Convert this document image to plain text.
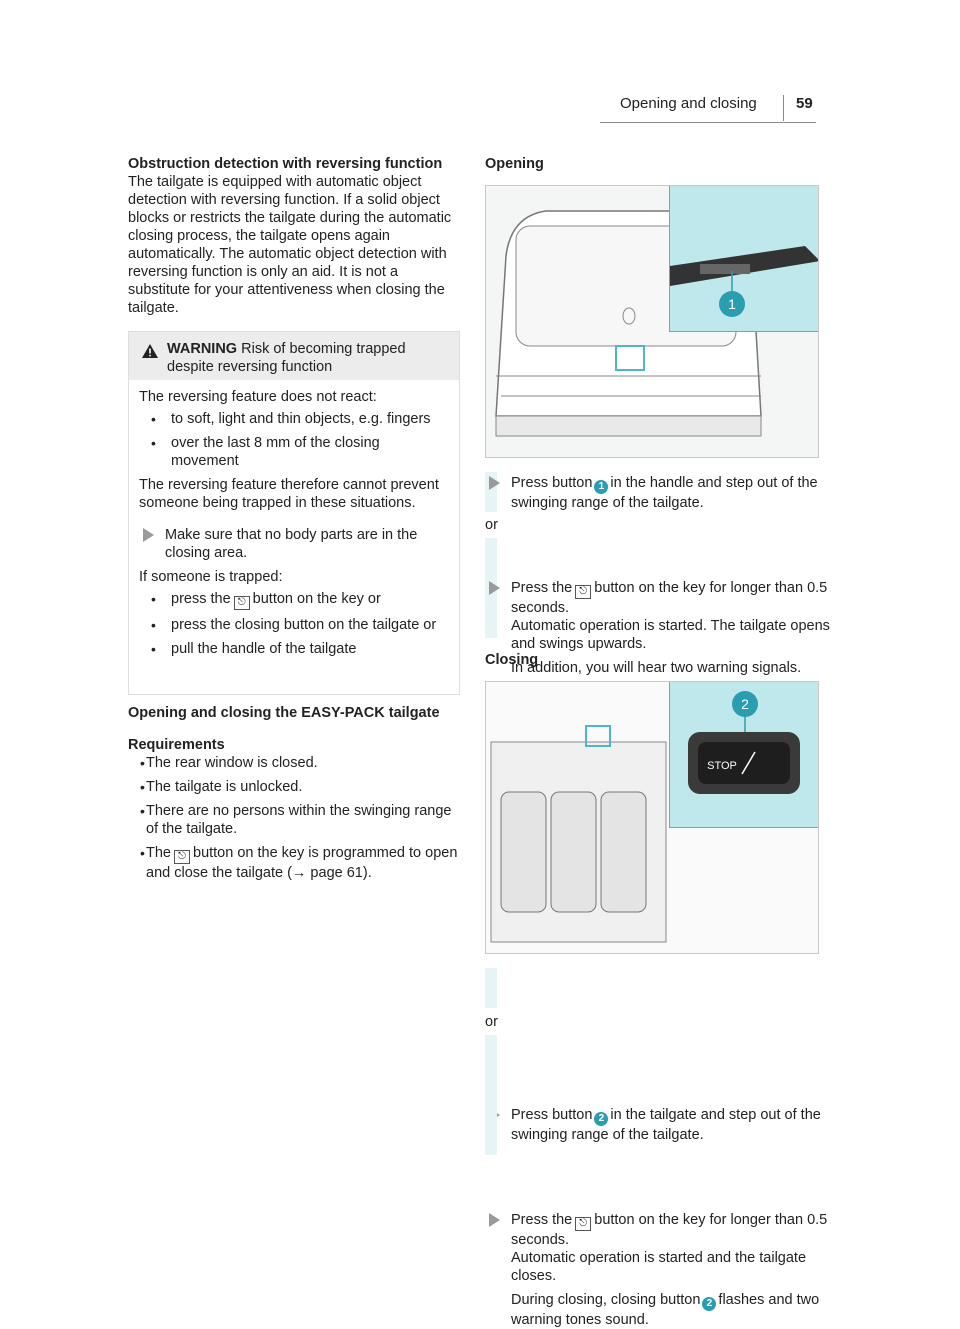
Opening and closing	59
Obstruction detection with reversing function

The tailgate is equipped with automatic object detection with reversing function. If a solid object blocks or restricts the tailgate during the automatic closing process, the tailgate opens again automatically. The automatic object detection with reversing function is only an aid. It is not a substitute for your attentiveness when closing the tailgate.

WARNING Risk of becoming trapped despite reversing function

The reversing feature does not react:

• to soft, light and thin objects, e.g. fingers
• over the last 8 mm of the closing movement

The reversing feature therefore cannot prevent someone being trapped in these situations.

Make sure that no body parts are in the closing area.

If someone is trapped:

• press the ⎋ button on the key or
• press the closing button on the tailgate or
• pull the handle of the tailgate
Opening and closing the EASY-PACK tailgate
Requirements
• The rear window is closed.
• The tailgate is unlocked.
• There are no persons within the swinging range of the tailgate.
• The ⎋ button on the key is programmed to open and close the tailgate (→ page 61).
Opening
1
Press button 1 in the handle and step out of the swinging range of the tailgate.
or
Press the ⎋ button on the key for longer than 0.5 seconds.

Automatic operation is started. The tailgate opens and swings upwards.

In addition, you will hear two warning signals.

Closing
2
STOP
Press button 2 in the tailgate and step out of the swinging range of the tailgate.
or
Press the ⎋ button on the key for longer than 0.5 seconds.

Automatic operation is started and the tailgate closes.

During closing, closing button 2 flashes and two warning tones sound.
